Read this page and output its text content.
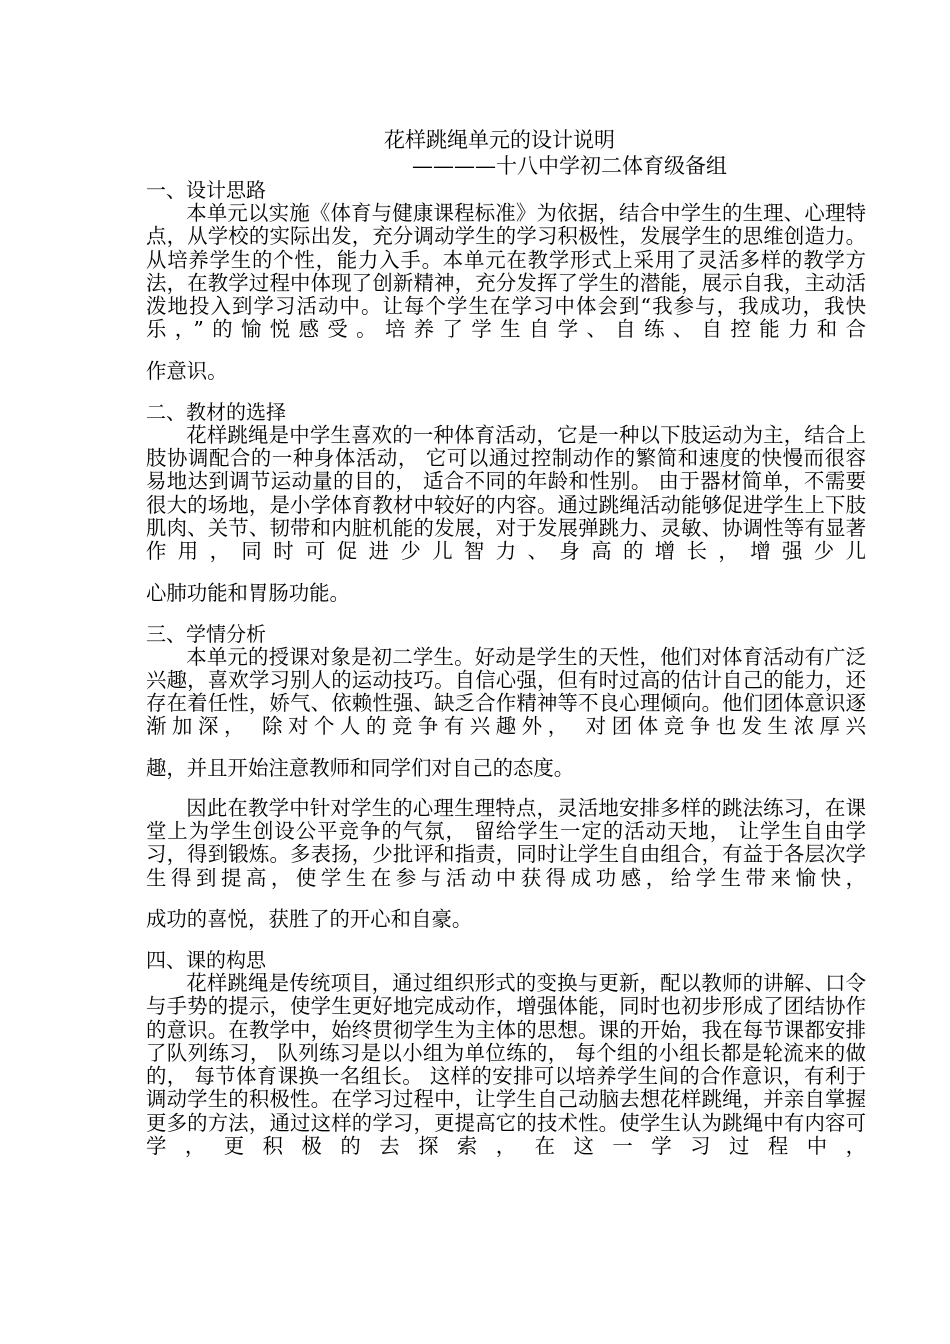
花样跳绳单元的设计说明
————十八中学初二体育级备组
一、设计思路
本单元以实施《体育与健康课程标准》为依据，结合中学生的生理、心理特点，从学校的实际出发，充分调动学生的学习积极性，发展学生的思维创造力。从培养学生的个性，能力入手。本单元在教学形式上采用了灵活多样的教学方法，在教学过程中体现了创新精神，充分发挥了学生的潜能，展示自我，主动活泼地投入到学习活动中。让每个学生在学习中体会到“我参与，我成功，我快乐，”的愉悦感受。培养了学生自学、自练、自控能力和合
作意识。
二、教材的选择
花样跳绳是中学生喜欢的一种体育活动，它是一种以下肢运动为主，结合上肢协调配合的一种身体活动， 它可以通过控制动作的繁简和速度的快慢而很容易地达到调节运动量的目的， 适合不同的年龄和性别。 由于器材简单，不需要很大的场地，是小学体育教材中较好的内容。通过跳绳活动能够促进学生上下肢肌肉、关节、韧带和内脏机能的发展，对于发展弹跳力、灵敏、协调性等有显著作用，同时可促进少儿智力、身高的增长，增强少儿
心肺功能和胃肠功能。
三、学情分析
本单元的授课对象是初二学生。好动是学生的天性，他们对体育活动有广泛兴趣，喜欢学习别人的运动技巧。自信心强，但有时过高的估计自己的能力，还存在着任性，娇气、依赖性强、缺乏合作精神等不良心理倾向。他们团体意识逐渐加深， 除对个人的竞争有兴趣外， 对团体竞争也发生浓厚兴
趣，并且开始注意教师和同学们对自己的态度。
因此在教学中针对学生的心理生理特点，灵活地安排多样的跳法练习，在课堂上为学生创设公平竞争的气氛， 留给学生一定的活动天地， 让学生自由学习，得到锻炼。多表扬，少批评和指责，同时让学生自由组合，有益于各层次学生得到提高，使学生在参与活动中获得成功感，给学生带来愉快，
成功的喜悦，获胜了的开心和自豪。
四、课的构思
花样跳绳是传统项目，通过组织形式的变换与更新，配以教师的讲解、口令与手势的提示，使学生更好地完成动作，增强体能，同时也初步形成了团结协作的意识。在教学中，始终贯彻学生为主体的思想。课的开始，我在每节课都安排了队列练习， 队列练习是以小组为单位练的， 每个组的小组长都是轮流来的做的， 每节体育课换一名组长。 这样的安排可以培养学生间的合作意识，有利于调动学生的积极性。在学习过程中，让学生自己动脑去想花样跳绳，并亲自掌握更多的方法，通过这样的学习，更提高它的技术性。使学生认为跳绳中有内容可学，更积极的去探索，在这一学习过程中，
